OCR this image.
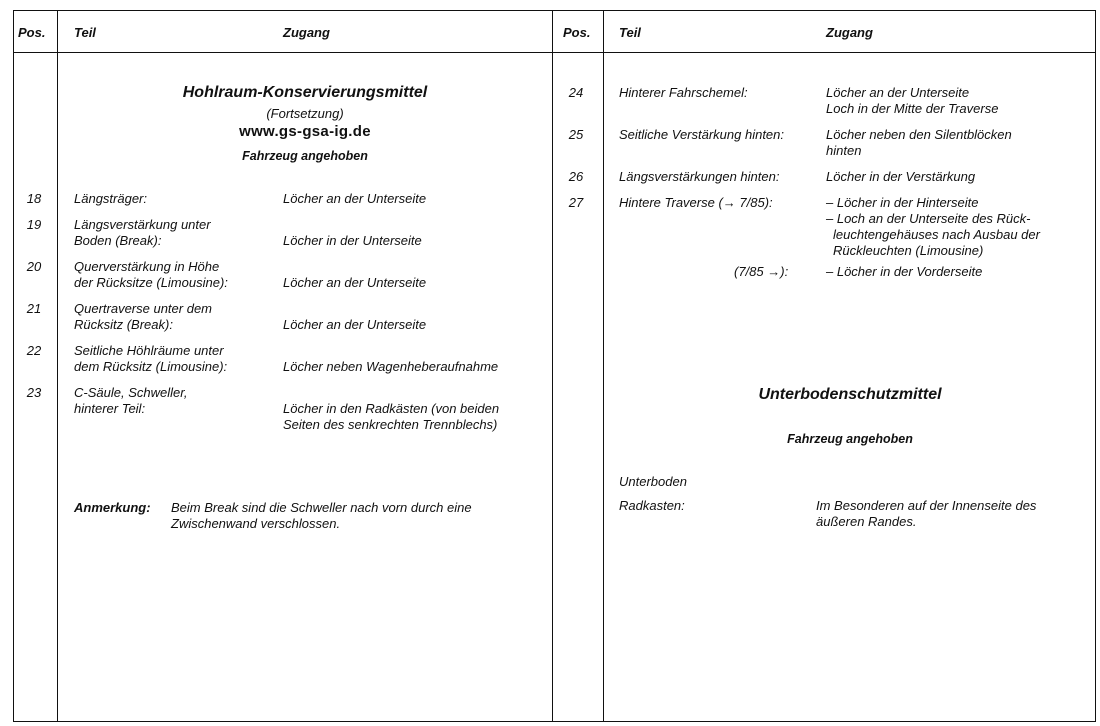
Pos. Teil	Zugang	Pos. Teil	Zugang
Hohlraum-Konservierungsmittel
(Fortsetzung)
www.gs-gsa-ig.de
Fahrzeug angehoben
18	Längsträger:	Löcher an der Unterseite
19	Längsverstärkung unter
Boden (Break):	Löcher in der Unterseite
20	Querverstärkung in Höhe
der Rücksitze (Limousine):	Löcher an der Unterseite
21	Quertraverse unter dem
Rücksitz (Break):	Löcher an der Unterseite
22	Seitliche Höhlräume unter
dem Rücksitz (Limousine):	Löcher neben Wagenheberaufnahme
23	C-Säule, Schweller,
hinterer Teil:	Löcher in den Radkästen (von beiden
Seiten des senkrechten Trennblechs)
Anmerkung: Beim Break sind die Schweller nach vorn durch eine
Zwischenwand verschlossen.
24	Hinterer Fahrschemel:	Löcher an der Unterseite
Loch in der Mitte der Traverse
25	Seitliche Verstärkung hinten:	Löcher neben den Silentblöcken
hinten
26	Längsverstärkungen hinten:	Löcher in der Verstärkung
27	Hintere Traverse (→ 7/85):	– Löcher in der Hinterseite
– Loch an der Unterseite des Rück-
leuchtengehäuses nach Ausbau der
Rückleuchten (Limousine)
(7/85 →):	– Löcher in der Vorderseite
Unterbodenschutzmittel
Fahrzeug angehoben
Unterboden
Radkasten:	Im Besonderen auf der Innenseite des
äußeren Randes.
